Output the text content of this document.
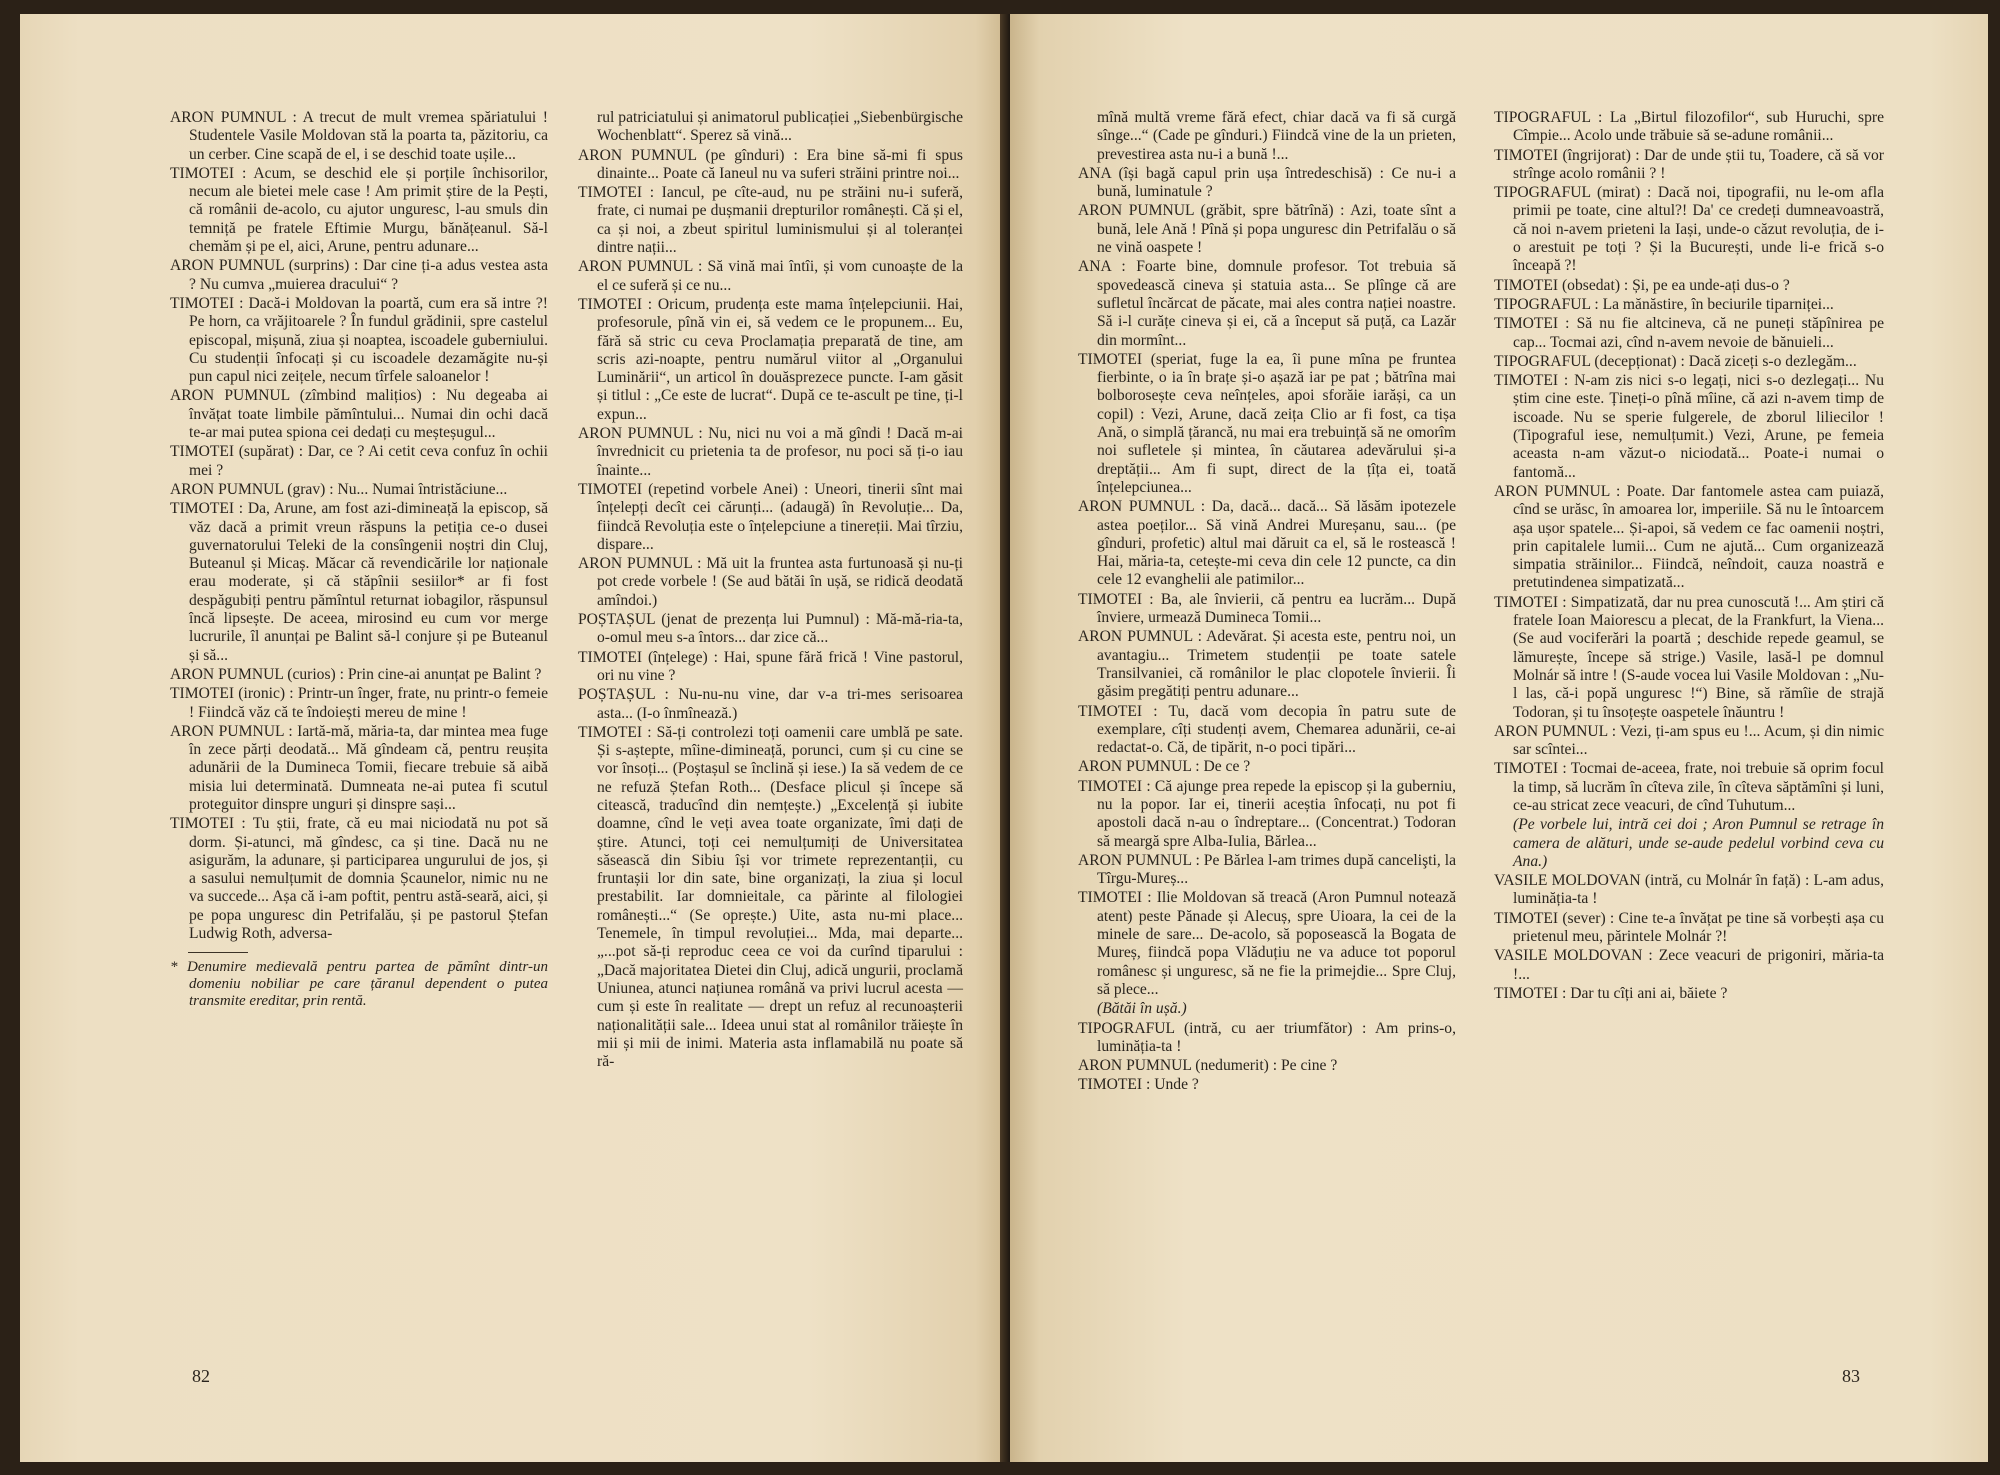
ARON PUMNUL : A trecut de mult vremea spăriatului ! Studentele Vasile Moldovan stă la poarta ta, păzitoriu, ca un cerber. Cine scapă de el, i se deschid toate ușile...

TIMOTEI : Acum, se deschid ele și porțile închisorilor, necum ale bietei mele case ! Am primit știre de la Pești, că românii de-acolo, cu ajutor unguresc, l-au smuls din temniță pe fratele Eftimie Murgu, bănățeanul. Să-l chemăm și pe el, aici, Arune, pentru adunare...

ARON PUMNUL (surprins) : Dar cine ți-a adus vestea asta ? Nu cumva „muierea dracului“ ?

TIMOTEI : Dacă-i Moldovan la poartă, cum era să intre ?! Pe horn, ca vrăjitoarele ? În fundul grădinii, spre castelul episcopal, mișună, ziua și noaptea, iscoadele guberniului. Cu studenții înfocați și cu iscoadele dezamăgite nu-și pun capul nici zeițele, necum tîrfele saloanelor !

ARON PUMNUL (zîmbind malițios) : Nu degeaba ai învățat toate limbile pămîntului... Numai din ochi dacă te-ar mai putea spiona cei dedați cu meșteșugul...

TIMOTEI (supărat) : Dar, ce ? Ai cetit ceva confuz în ochii mei ?

ARON PUMNUL (grav) : Nu... Numai întristăciune...

TIMOTEI : Da, Arune, am fost azi-dimineață la episcop, să văz dacă a primit vreun răspuns la petiția ce-o dusei guvernatorului Teleki de la consîngenii noștri din Cluj, Buteanul și Micaș. Măcar că revendicările lor naționale erau moderate, și că stăpînii sesiilor* ar fi fost despăgubiți pentru pămîntul returnat iobagilor, răspunsul încă lipsește. De aceea, mirosind eu cum vor merge lucrurile, îl anunțai pe Balint să-l conjure și pe Buteanul și să...

ARON PUMNUL (curios) : Prin cine-ai anunțat pe Balint ?

TIMOTEI (ironic) : Printr-un înger, frate, nu printr-o femeie ! Fiindcă văz că te îndoiești mereu de mine !

ARON PUMNUL : Iartă-mă, măria-ta, dar mintea mea fuge în zece părți deodată... Mă gîndeam că, pentru reușita adunării de la Duminecа Tomii, fiecare trebuie să aibă misia lui determinată. Dumneata ne-ai putea fi scutul proteguitor dinspre unguri și dinspre sași...

TIMOTEI : Tu știi, frate, că eu mai niciodată nu pot să dorm. Și-atunci, mă gîndesc, ca și tine. Dacă nu ne asigurăm, la adunare, și participarea ungurului de jos, și a sasului nemulțumit de domnia Șcaunelor, nimic nu ne va succede... Așa că i-am poftit, pentru astă-seară, aici, și pe popa unguresc din Petrifalău, și pe pastorul Ștefan Ludwig Roth, adversa-

* Denumire medievală pentru partea de pămînt dintr-un domeniu nobiliar pe care țăranul dependent o putea transmite ereditar, prin rentă.

rul patriciatului și animatorul publicației „Siebenbürgische Wochenblatt“. Sperez să vină...

ARON PUMNUL (pe gînduri) : Era bine să-mi fi spus dinainte... Poate că Ianeul nu va suferi străini printre noi...

TIMOTEI : Iancul, pe cîte-aud, nu pe străini nu-i suferă, frate, ci numai pe dușmanii drepturilor românești. Că și el, ca și noi, a zbeut spiritul luminismului și al toleranței dintre nații...

ARON PUMNUL : Să vină mai întîi, și vom cunoaște de la el ce suferă și ce nu...

TIMOTEI : Oricum, prudența este mama înțelepciunii. Hai, profesorule, pînă vin ei, să vedem ce le propunem... Eu, fără să stric cu ceva Proclamația preparată de tine, am scris azi-noapte, pentru numărul viitor al „Organului Luminării“, un articol în douăsprezece puncte. I-am găsit și titlul : „Ce este de lucrat“. După ce te-ascult pe tine, ți-l expun...

ARON PUMNUL : Nu, nici nu voi a mă gîndi ! Dacă m-ai învrednicit cu prietenia ta de profesor, nu poci să ți-o iau înainte...

TIMOTEI (repetind vorbele Anei) : Uneori, tinerii sînt mai înțelepți decît cei cărunți... (adaugă) în Revoluție... Da, fiindcă Revoluția este o înțelepciune a tinereții. Mai tîrziu, dispare...

ARON PUMNUL : Mă uit la fruntea asta furtunoasă și nu-ți pot crede vorbele ! (Se aud bătăi în ușă, se ridică deodată amîndoi.)

POȘTAȘUL (jenat de prezența lui Pumnul) : Mă-mă-ria-ta, o-omul meu s-a întors... dar zice că...

TIMOTEI (înțelege) : Hai, spune fără frică ! Vine pastorul, ori nu vine ?

POȘTAȘUL : Nu-nu-nu vine, dar v-a tri-mes serisoarea asta... (I-o înmînează.)

TIMOTEI : Să-ți controlezi toți oamenii care umblă pe sate. Și s-aștepte, mîine-dimineață, porunci, cum și cu cine se vor însoți... (Poștașul se înclină și iese.) Ia să vedem de ce ne refuză Ștefan Roth... (Desface plicul și începe să citească, traducînd din nemțește.) „Excelență și iubite doamne, cînd le veți avea toate organizate, îmi dați de știre. Atunci, toți cei nemulțumiți de Universitatea săsească din Sibiu își vor trimete reprezentanții, cu fruntașii lor din sate, bine organizați, la ziua și locul prestabilit. Iar domnieitale, ca părinte al filologiei românești...“ (Se oprește.) Uite, asta nu-mi place... Tenemele, în timpul revoluției... Mda, mai departe... „...pot să-ți reproduc ceea ce voi da curînd tiparului : „Dacă majoritatea Dietei din Cluj, adică ungurii, proclamă Uniunea, atunci națiunea română va privi lucrul acesta — cum și este în realitate — drept un refuz al recunoașterii naționalității sale... Ideea unui stat al românilor trăiește în mii și mii de inimi. Materia asta inflamabilă nu poate să ră-

82

mînă multă vreme fără efect, chiar dacă va fi să curgă sînge...“ (Cade pe gînduri.) Fiindcă vine de la un prieten, prevestirea asta nu-i a bună !...

ANA (își bagă capul prin ușa întredeschisă) : Ce nu-i a bună, luminatule ?

ARON PUMNUL (grăbit, spre bătrînă) : Azi, toate sînt a bună, lele Ană ! Pînă și popa unguresc din Petrifalău o să ne vină oaspete !

ANA : Foarte bine, domnule profesor. Tot trebuia să spovedească cineva și statuia asta... Se plînge că are sufletul încărcat de păcate, mai ales contra nației noastre. Să i-l curățe cineva și ei, că a început să puță, ca Lazăr din mormînt...

TIMOTEI (speriat, fuge la ea, îi pune mîna pe fruntea fierbinte, o ia în brațe și-o așază iar pe pat ; bătrîna mai bolborosește ceva neînțeles, apoi sforăie iarăși, ca un copil) : Vezi, Arune, dacă zeița Clio ar fi fost, ca tișa Ană, o simplă țărancă, nu mai era trebuință să ne omorîm noi sufletele și mintea, în căutarea adevărului și-a dreptății... Am fi supt, direct de la țîța ei, toată înțelepciunea...

ARON PUMNUL : Da, dacă... dacă... Să lăsăm ipotezele astea poeților... Să vină Andrei Mureșanu, sau... (pe gînduri, profetic) altul mai dăruit ca el, să le rostească ! Hai, măria-ta, cetește-mi ceva din cele 12 puncte, ca din cele 12 evanghelii ale patimilor...

TIMOTEI : Ba, ale învierii, că pentru ea lucrăm... După înviere, urmează Dumineca Tomii...

ARON PUMNUL : Adevărat. Și acesta este, pentru noi, un avantagiu... Trimetem studenții pe toate satele Transilvaniei, că românilor le plac clopotele învierii. Îi găsim pregătiți pentru adunare...

TIMOTEI : Tu, dacă vom decopia în patru sute de exemplare, cîți studenți avem, Chemarea adunării, ce-ai redactat-o. Că, de tipărit, n-o poci tipări...

ARON PUMNUL : De ce ?

TIMOTEI : Că ajunge prea repede la episcop și la guberniu, nu la popor. Iar ei, tinerii aceștia înfocați, nu pot fi apostoli dacă n-au o îndreptare... (Concentrat.) Todoran să meargă spre Alba-Iulia, Bărlea...

ARON PUMNUL : Pe Bărlea l-am trimes după cancelişti, la Tîrgu-Mureș...

TIMOTEI : Ilie Moldovan să treacă (Aron Pumnul notează atent) peste Pănade și Alecuș, spre Uioara, la cei de la minele de sare... De-acolo, să poposească la Bogata de Mureș, fiindcă popa Vlăduțiu ne va aduce tot poporul românesc și unguresc, să ne fie la primejdie... Spre Cluj, să plece...

(Bătăi în ușă.)

TIPOGRAFUL (intră, cu aer triumfător) : Am prins-o, luminăția-ta !

ARON PUMNUL (nedumerit) : Pe cine ?

TIMOTEI : Unde ?

TIPOGRAFUL : La „Birtul filozofilor“, sub Huruchi, spre Cîmpie... Acolo unde trăbuie să se-adune românii...

TIMOTEI (îngrijorat) : Dar de unde știi tu, Toadere, că să vor strînge acolo românii ? !

TIPOGRAFUL (mirat) : Dacă noi, tipografii, nu le-om afla primii pe toate, cine altul?! Da' ce credeți dumneavoastră, că noi n-avem prieteni la Iași, unde-o căzut revoluția, de i-o arestuit pe toți ? Și la București, unde li-e frică s-o înceapă ?!

TIMOTEI (obsedat) : Și, pe ea unde-ați dus-o ?

TIPOGRAFUL : La mănăstire, în beciurile tiparniței...

TIMOTEI : Să nu fie altcineva, că ne puneți stăpînirea pe cap... Tocmai azi, cînd n-avem nevoie de bănuieli...

TIPOGRAFUL (decepționat) : Dacă ziceți s-o dezlegăm...

TIMOTEI : N-am zis nici s-o legați, nici s-o dezlegați... Nu știm cine este. Țineți-o pînă mîine, că azi n-avem timp de iscoade. Nu se sperie fulgerele, de zborul liliecilor ! (Tipograful iese, nemulțumit.) Vezi, Arune, pe femeia aceasta n-am văzut-o niciodată... Poate-i numai o fantomă...

ARON PUMNUL : Poate. Dar fantomele astea cam puiază, cînd se urăsc, în amoarea lor, imperiile. Să nu le întoarcem așa ușor spatele... Și-apoi, să vedem ce fac oamenii noștri, prin capitalele lumii... Cum ne ajută... Cum organizează simpatia străinilor... Fiindcă, neîndoit, cauza noastră e pretutindenea simpatizată...

TIMOTEI : Simpatizată, dar nu prea cunoscută !... Am știri că fratele Ioan Maiorescu a plecat, de la Frankfurt, la Viena... (Se aud vociferări la poartă ; deschide repede geamul, se lămurește, începe să strige.) Vasile, lasă-l pe domnul Molnár să intre ! (S-aude vocea lui Vasile Moldovan : „Nu-l las, că-i popă unguresc !“) Bine, să rămîie de strajă Todoran, și tu însoțește oaspetele înăuntru !

ARON PUMNUL : Vezi, ți-am spus eu !... Acum, și din nimic sar scînteі...

TIMOTEI : Tocmai de-aceea, frate, noi trebuie să oprim focul la timp, să lucrăm în cîteva zile, în cîteva săptămîni și luni, ce-au stricat zece veacuri, de cînd Tuhutum...

(Pe vorbele lui, intră cei doi ; Aron Pumnul se retrage în camera de alături, unde se-aude pedelul vorbind ceva cu Ana.)

VASILE MOLDOVAN (intră, cu Molnár în față) : L-am adus, luminăția-ta !

TIMOTEI (sever) : Cine te-a învățat pe tine să vorbești așa cu prietenul meu, părintele Molnár ?!

VASILE MOLDOVAN : Zece veacuri de prigoniri, măria-ta !...

TIMOTEI : Dar tu cîți ani ai, băiete ?

83
